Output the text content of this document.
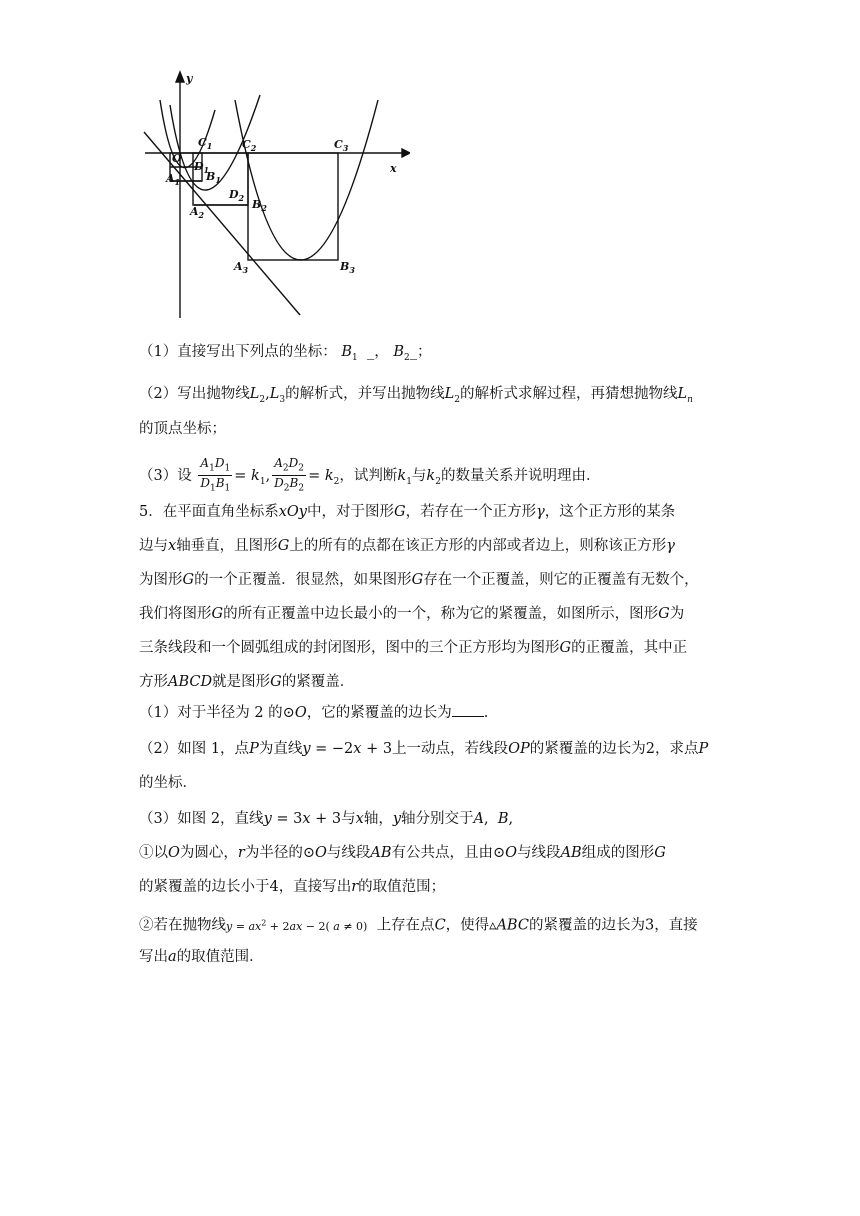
y
x
O
$C_1$	$C_2$	$C_3$
$A_1$
$A_2$
$A_3$
$B_1$
$B_2$
$B_3$
$D_1$
$D_2$
（1）直接写出下列点的坐标： $B_1$  _， $B_2\_$；
（2）写出抛物线$L_2,L_3$的解析式，并写出抛物线$L_2$的解析式求解过程，再猜想抛物线$L_n$
的顶点坐标；
（3）设 $\frac{A_1D_1}{D_1B_1} = k_1$, $\frac{A_2D_2}{D_2B_2} = k_2$，试判断$k_1$与$k_2$的数量关系并说明理由．
5．在平面直角坐标系xOy中，对于图形G，若存在一个正方形γ，这个正方形的某条
边与x轴垂直，且图形G上的所有的点都在该正方形的内部或者边上，则称该正方形γ
为图形G的一个正覆盖．很显然，如果图形G存在一个正覆盖，则它的正覆盖有无数个，
我们将图形G的所有正覆盖中边长最小的一个，称为它的紧覆盖，如图所示，图形G为
三条线段和一个圆弧组成的封闭图形，图中的三个正方形均为图形G的正覆盖，其中正
方形ABCD就是图形G的紧覆盖．
（1）对于半径为 2 的⊙O，它的紧覆盖的边长为 .
（2）如图 1，点P为直线y = −2x + 3上一动点，若线段OP的紧覆盖的边长为2，求点P
的坐标．
（3）如图 2，直线y = 3x + 3与x轴，y轴分别交于A,  B,
①以O为圆心，r为半径的⊙O与线段AB有公共点，且由⊙O与线段AB组成的图形G
的紧覆盖的边长小于4，直接写出r的取值范围；
②若在抛物线$y = ax^2 + 2ax - 2$( a ≠ 0) 上存在点C，使得▵ABC的紧覆盖的边长为3，直接
写出a的取值范围．
